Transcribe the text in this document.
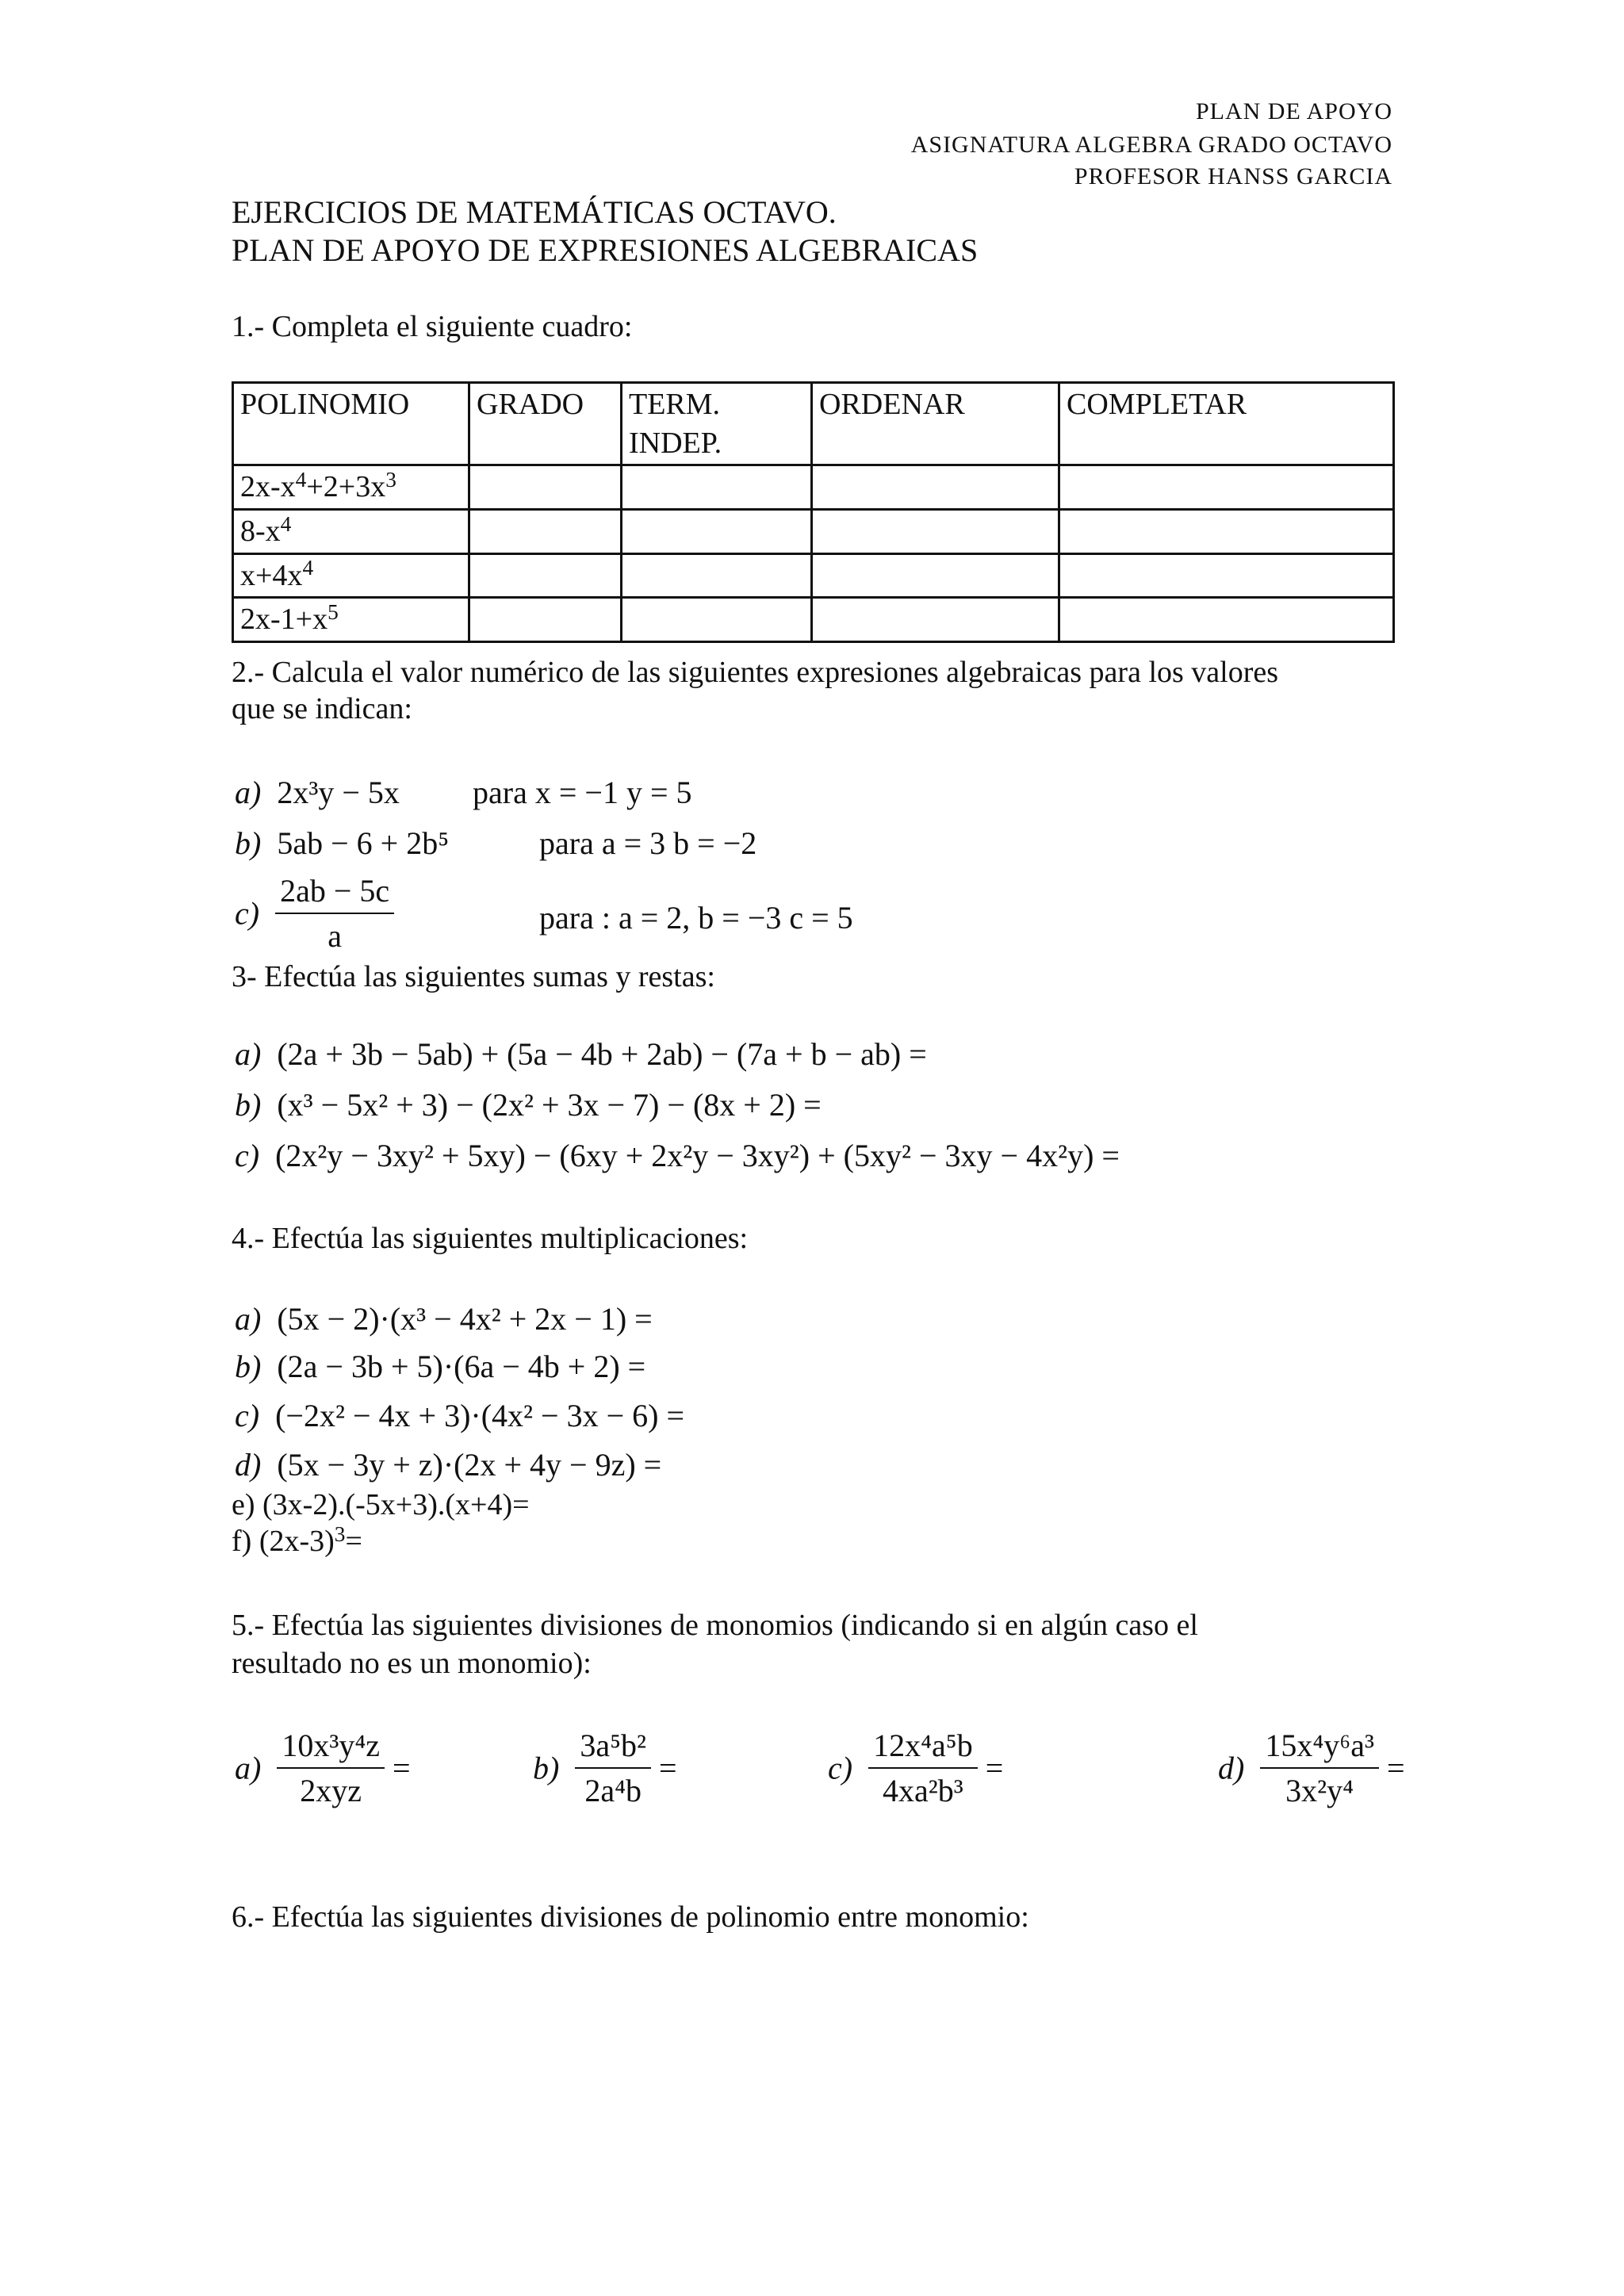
PLAN DE APOYO
ASIGNATURA ALGEBRA GRADO OCTAVO
PROFESOR HANSS GARCIA
EJERCICIOS DE MATEMÁTICAS OCTAVO.
PLAN DE APOYO DE EXPRESIONES ALGEBRAICAS
1.- Completa el siguiente cuadro:
POLINOMIO	GRADO	TERM. INDEP.	ORDENAR	COMPLETAR
$2x-x^4+2+3x^3$				
$8-x^4$				
$x+4x^4$				
$2x-1+x^5$				
2.- Calcula el valor numérico de las siguientes expresiones algebraicas para los valores
que se indican:
a) 2x³y − 5x para x = −1 y = 5
b) 5ab − 6 + 2b⁵	para a = 3 b = −2
$c) \frac{2ab - 5c}{a}$	para : a = 2, b = −3 c = 5
3- Efectúa las siguientes sumas y restas:
a) (2a + 3b − 5ab) + (5a − 4b + 2ab) − (7a + b − ab) =
b) (x³ − 5x² + 3) − (2x² + 3x − 7) − (8x + 2) =
c) (2x²y − 3xy² + 5xy) − (6xy + 2x²y − 3xy²) + (5xy² − 3xy − 4x²y) =
4.- Efectúa las siguientes multiplicaciones:
a) (5x − 2)·(x³ − 4x² + 2x − 1) =
b) (2a − 3b + 5)·(6a − 4b + 2) =
c) (−2x² − 4x + 3)·(4x² − 3x − 6) =
d) (5x − 3y + z)·(2x + 4y − 9z) =
e) (3x-2).(-5x+3).(x+4)=
f) $(2x-3)^3=$
5.- Efectúa las siguientes divisiones de monomios (indicando si en algún caso el
resultado no es un monomio):
$a) \frac{\text{10x³y⁴z}}{\text{2xyz}}$ =	$b) \frac{\text{3a⁵b²}}{\text{2a⁴b}}$ =	$c) \frac{\text{12x⁴a⁵b}}{\text{4xa²b³}}$ =	$d) \frac{\text{15x⁴y⁶a³}}{\text{3x²y⁴}}$ =
6.- Efectúa las siguientes divisiones de polinomio entre monomio:
